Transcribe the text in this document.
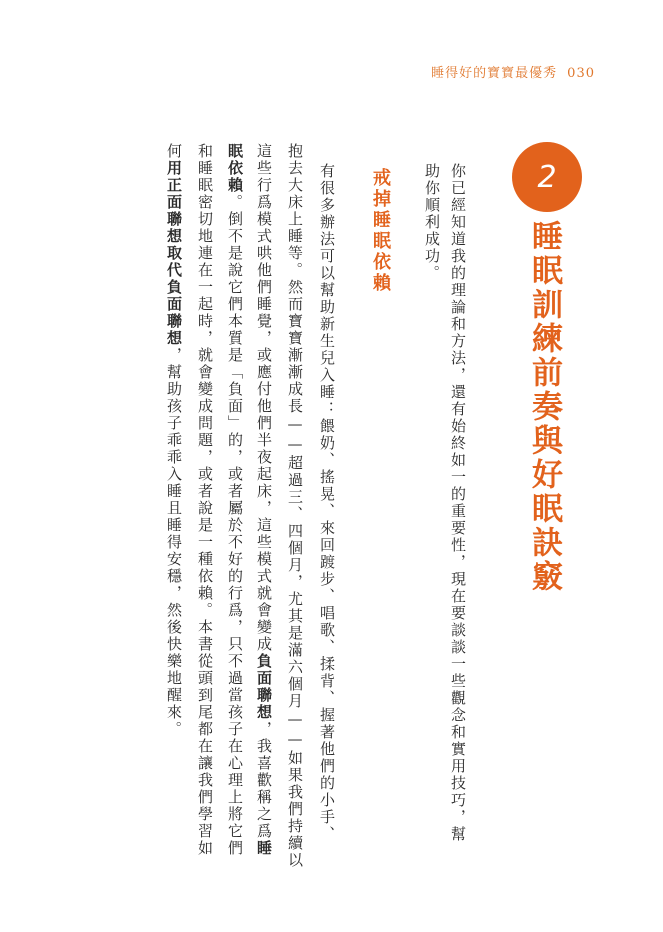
睡得好的寶寶最優秀 030
2
睡眠訓練前奏與好眠訣竅
你已經知道我的理論和方法，還有始終如一的重要性，現在要談談一些觀念和實用技巧，幫
助你順利成功。
戒掉睡眠依賴
有很多辦法可以幫助新生兒入睡：餵奶、搖晃、來回踱步、唱歌、揉背、握著他們的小手、
抱去大床上睡等。然而寶寶漸漸成長——超過三、四個月，尤其是滿六個月——如果我們持續以
這些行爲模式哄他們睡覺，或應付他們半夜起床，這些模式就會變成負面聯想，我喜歡稱之爲睡
眠依賴。倒不是說它們本質是「負面」的，或者屬於不好的行爲，只不過當孩子在心理上將它們
和睡眠密切地連在一起時，就會變成問題，或者說是一種依賴。本書從頭到尾都在讓我們學習如
何用正面聯想取代負面聯想，幫助孩子乖乖入睡且睡得安穩，然後快樂地醒來。
